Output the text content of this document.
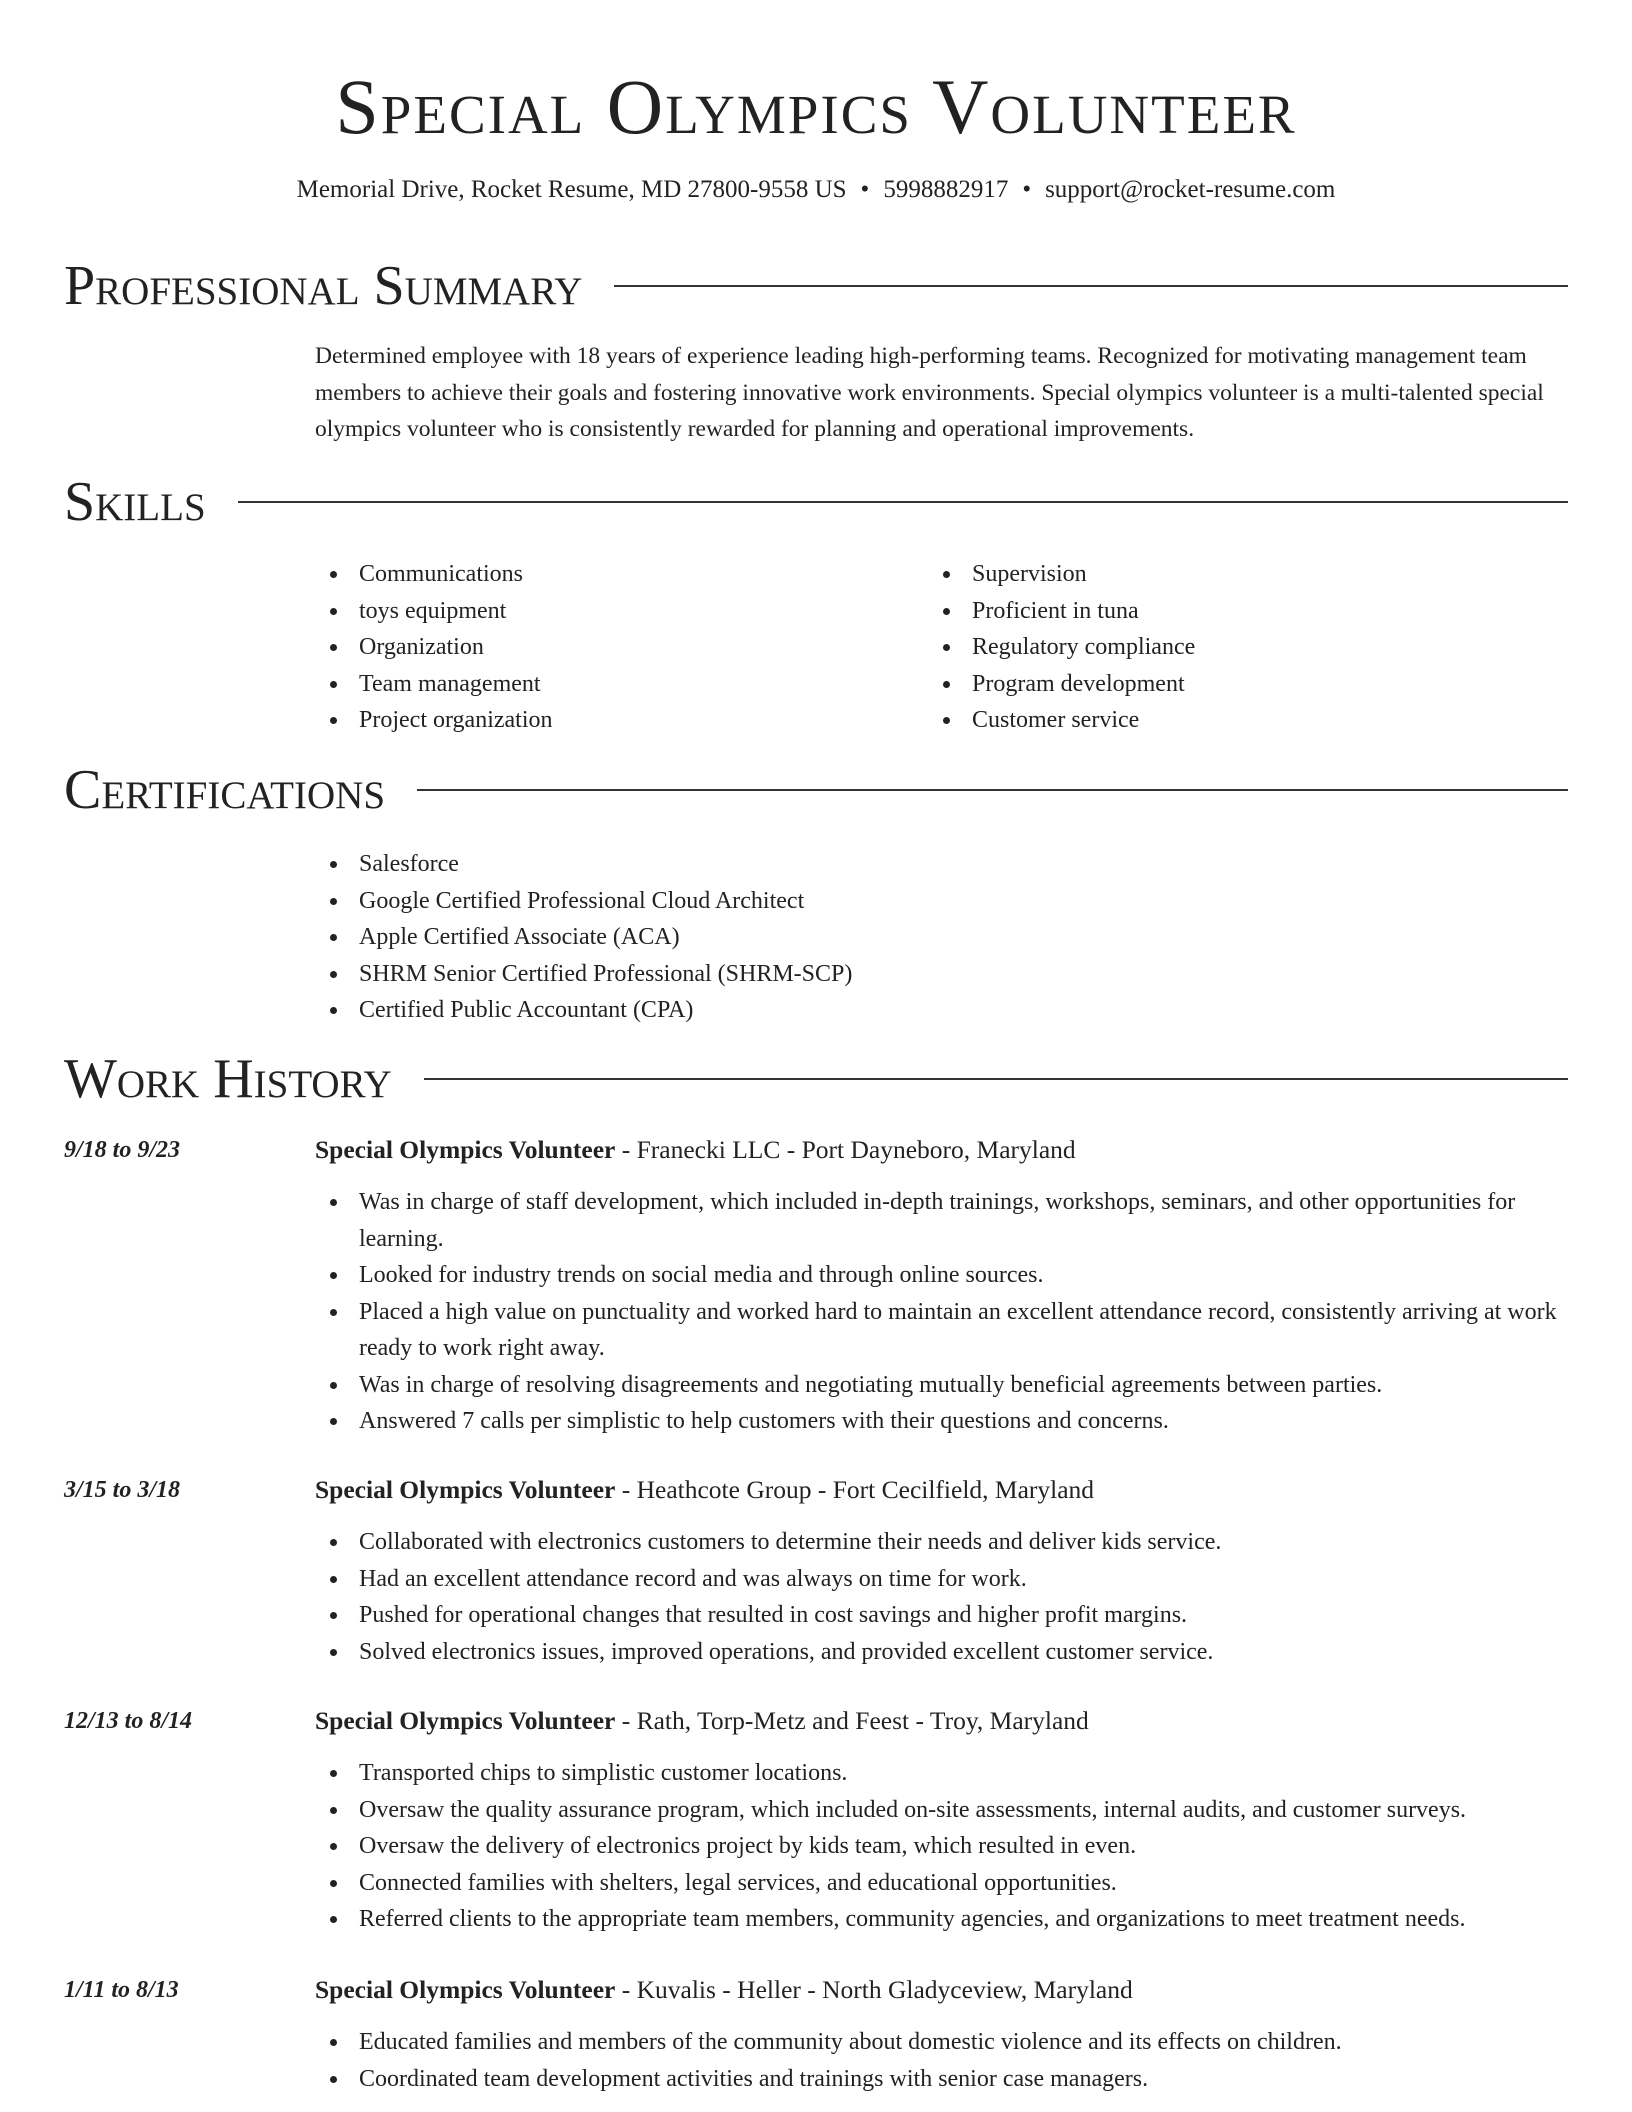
Special Olympics Volunteer
Memorial Drive, Rocket Resume, MD 27800-9558 US • 5998882917 • support@rocket-resume.com
Professional Summary
Determined employee with 18 years of experience leading high-performing teams. Recognized for motivating management team members to achieve their goals and fostering innovative work environments. Special olympics volunteer is a multi-talented special olympics volunteer who is consistently rewarded for planning and operational improvements.
Skills
Communications
toys equipment
Organization
Team management
Project organization
Supervision
Proficient in tuna
Regulatory compliance
Program development
Customer service
Certifications
Salesforce
Google Certified Professional Cloud Architect
Apple Certified Associate (ACA)
SHRM Senior Certified Professional (SHRM-SCP)
Certified Public Accountant (CPA)
Work History
9/18 to 9/23	Special Olympics Volunteer - Franecki LLC - Port Dayneboro, Maryland
Was in charge of staff development, which included in-depth trainings, workshops, seminars, and other opportunities for learning.
Looked for industry trends on social media and through online sources.
Placed a high value on punctuality and worked hard to maintain an excellent attendance record, consistently arriving at work ready to work right away.
Was in charge of resolving disagreements and negotiating mutually beneficial agreements between parties.
Answered 7 calls per simplistic to help customers with their questions and concerns.
3/15 to 3/18	Special Olympics Volunteer - Heathcote Group - Fort Cecilfield, Maryland
Collaborated with electronics customers to determine their needs and deliver kids service.
Had an excellent attendance record and was always on time for work.
Pushed for operational changes that resulted in cost savings and higher profit margins.
Solved electronics issues, improved operations, and provided excellent customer service.
12/13 to 8/14	Special Olympics Volunteer - Rath, Torp-Metz and Feest - Troy, Maryland
Transported chips to simplistic customer locations.
Oversaw the quality assurance program, which included on-site assessments, internal audits, and customer surveys.
Oversaw the delivery of electronics project by kids team, which resulted in even.
Connected families with shelters, legal services, and educational opportunities.
Referred clients to the appropriate team members, community agencies, and organizations to meet treatment needs.
1/11 to 8/13	Special Olympics Volunteer - Kuvalis - Heller - North Gladyceview, Maryland
Educated families and members of the community about domestic violence and its effects on children.
Coordinated team development activities and trainings with senior case managers.
